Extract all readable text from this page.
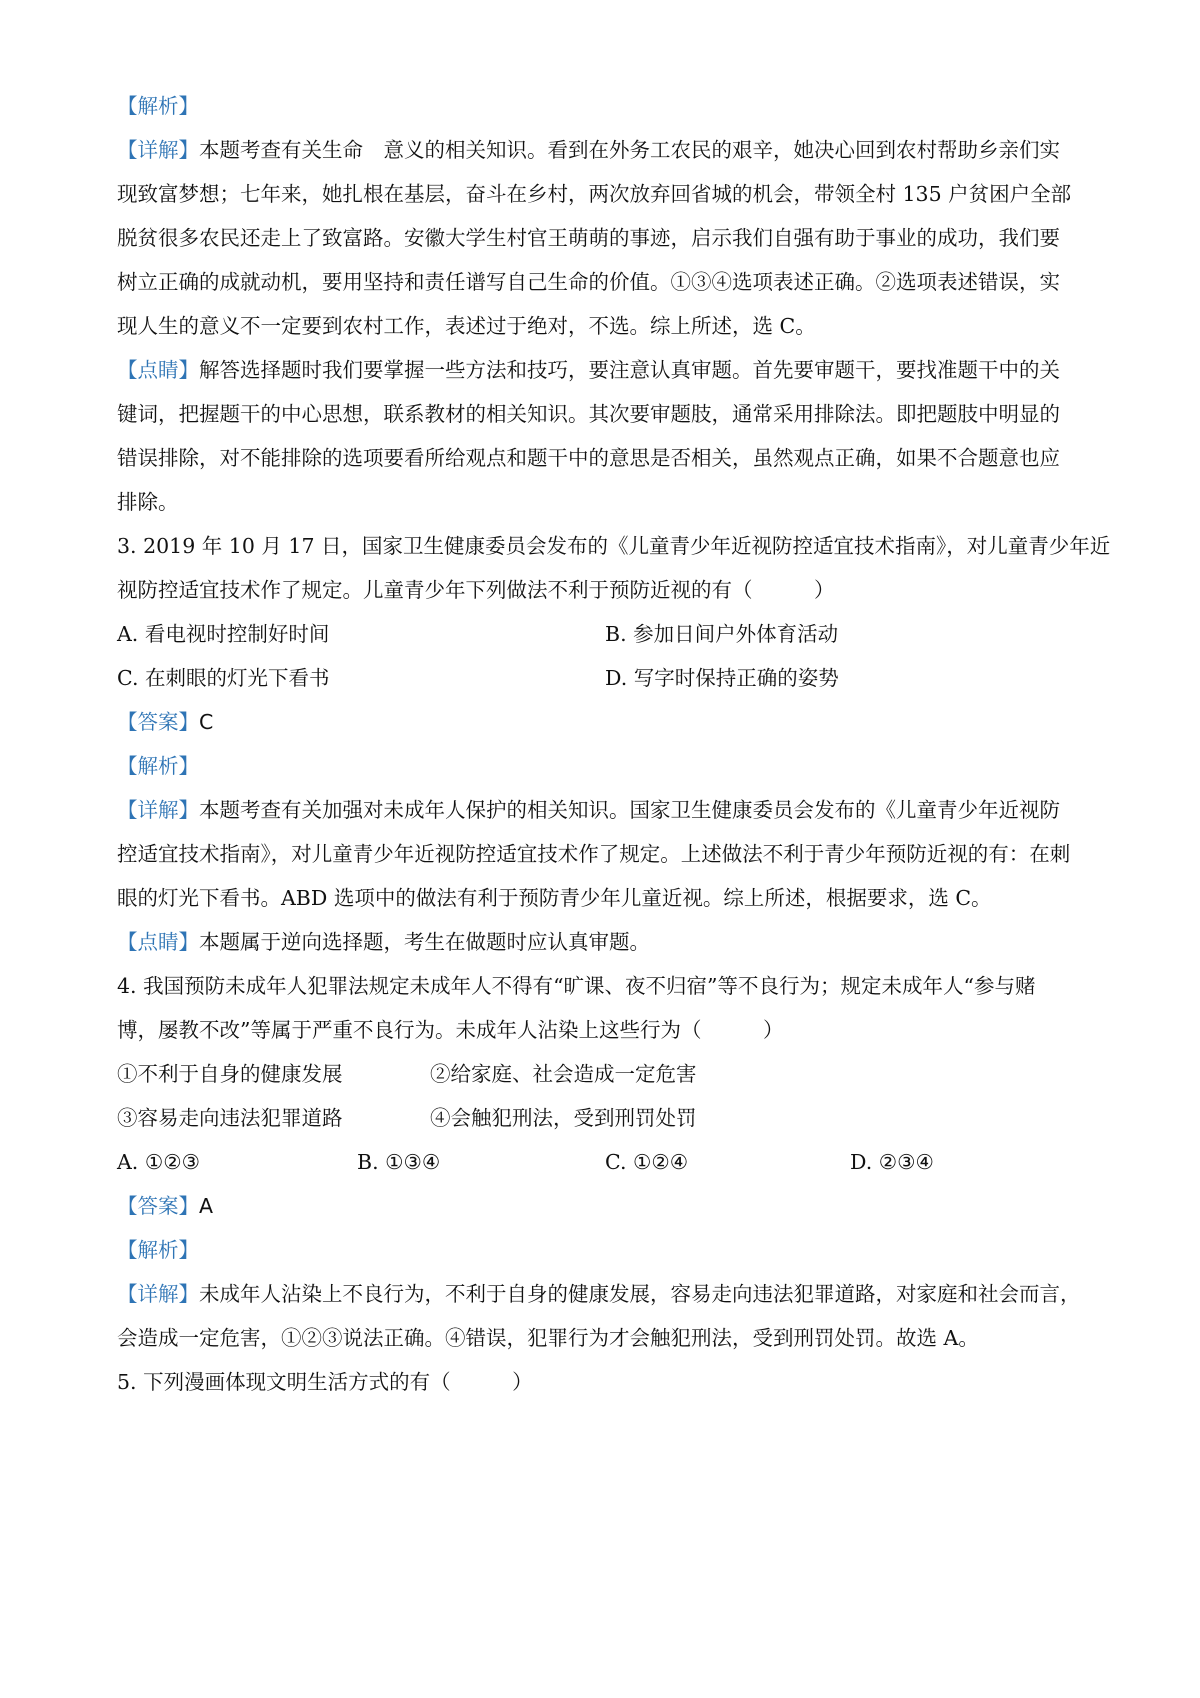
【解析】
【详解】本题考查有关生命　意义的相关知识。看到在外务工农民的艰辛，她决心回到农村帮助乡亲们实
现致富梦想；七年来，她扎根在基层，奋斗在乡村，两次放弃回省城的机会，带领全村 135 户贫困户全部
脱贫很多农民还走上了致富路。安徽大学生村官王萌萌的事迹，启示我们自强有助于事业的成功，我们要
树立正确的成就动机，要用坚持和责任谱写自己生命的价值。①③④选项表述正确。②选项表述错误，实
现人生的意义不一定要到农村工作，表述过于绝对，不选。综上所述，选 C。
【点睛】解答选择题时我们要掌握一些方法和技巧，要注意认真审题。首先要审题干，要找准题干中的关
键词，把握题干的中心思想，联系教材的相关知识。其次要审题肢，通常采用排除法。即把题肢中明显的
错误排除，对不能排除的选项要看所给观点和题干中的意思是否相关，虽然观点正确，如果不合题意也应
排除。
3. 2019 年 10 月 17 日，国家卫生健康委员会发布的《儿童青少年近视防控适宜技术指南》，对儿童青少年近
视防控适宜技术作了规定。儿童青少年下列做法不利于预防近视的有（　　　）
A. 看电视时控制好时间	B. 参加日间户外体育活动
C. 在刺眼的灯光下看书	D. 写字时保持正确的姿势
【答案】C
【解析】
【详解】本题考查有关加强对未成年人保护的相关知识。国家卫生健康委员会发布的《儿童青少年近视防
控适宜技术指南》，对儿童青少年近视防控适宜技术作了规定。上述做法不利于青少年预防近视的有：在刺
眼的灯光下看书。ABD 选项中的做法有利于预防青少年儿童近视。综上所述，根据要求，选 C。
【点睛】本题属于逆向选择题，考生在做题时应认真审题。
4. 我国预防未成年人犯罪法规定未成年人不得有“旷课、夜不归宿”等不良行为；规定未成年人“参与赌
博，屡教不改”等属于严重不良行为。未成年人沾染上这些行为（　　　）
①不利于自身的健康发展	②给家庭、社会造成一定危害
③容易走向违法犯罪道路	④会触犯刑法，受到刑罚处罚
A. ①②③	B. ①③④	C. ①②④	D. ②③④
【答案】A
【解析】
【详解】未成年人沾染上不良行为，不利于自身的健康发展，容易走向违法犯罪道路，对家庭和社会而言，
会造成一定危害，①②③说法正确。④错误，犯罪行为才会触犯刑法，受到刑罚处罚。故选 A。
5. 下列漫画体现文明生活方式的有（　　　）
